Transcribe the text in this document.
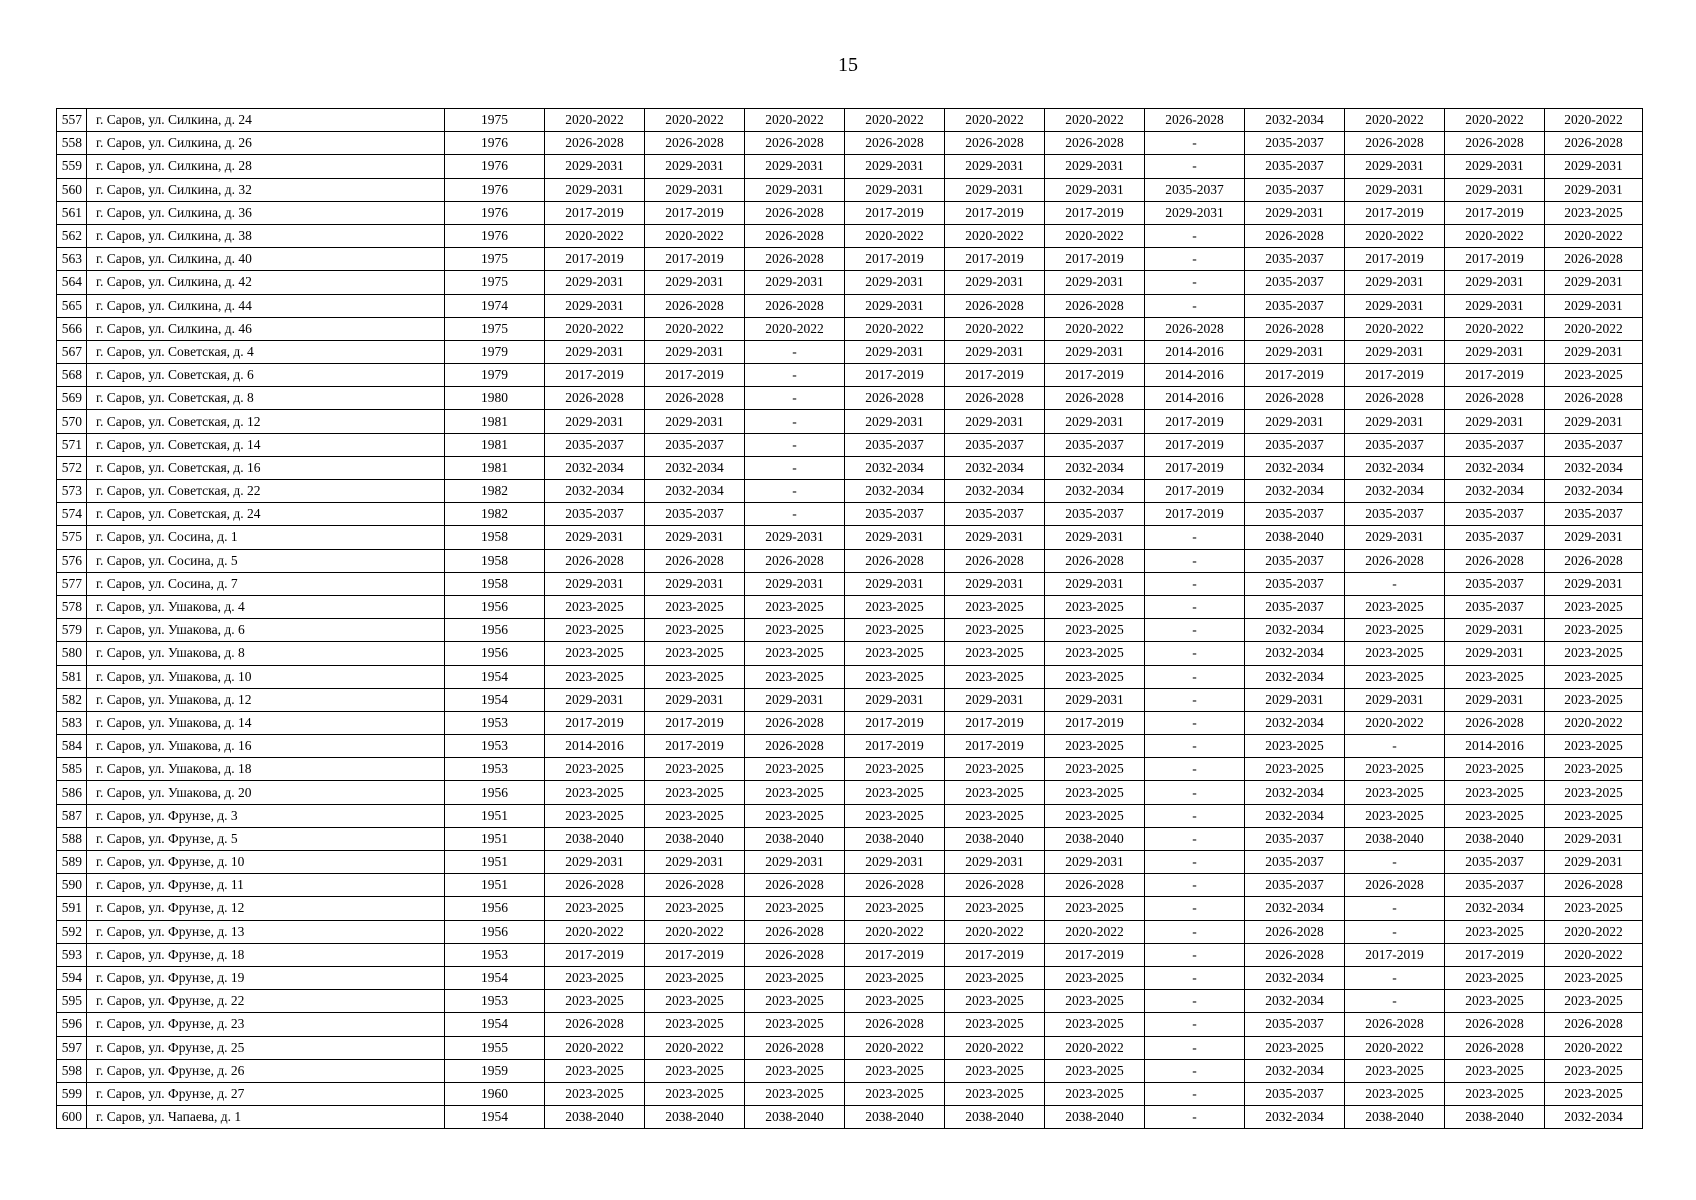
15
557	г. Саров, ул. Силкина, д. 24	1975	2020-2022	2020-2022	2020-2022	2020-2022	2020-2022	2020-2022	2026-2028	2032-2034	2020-2022	2020-2022	2020-2022
558	г. Саров, ул. Силкина, д. 26	1976	2026-2028	2026-2028	2026-2028	2026-2028	2026-2028	2026-2028	-	2035-2037	2026-2028	2026-2028	2026-2028
559	г. Саров, ул. Силкина, д. 28	1976	2029-2031	2029-2031	2029-2031	2029-2031	2029-2031	2029-2031	-	2035-2037	2029-2031	2029-2031	2029-2031
560	г. Саров, ул. Силкина, д. 32	1976	2029-2031	2029-2031	2029-2031	2029-2031	2029-2031	2029-2031	2035-2037	2035-2037	2029-2031	2029-2031	2029-2031
561	г. Саров, ул. Силкина, д. 36	1976	2017-2019	2017-2019	2026-2028	2017-2019	2017-2019	2017-2019	2029-2031	2029-2031	2017-2019	2017-2019	2023-2025
562	г. Саров, ул. Силкина, д. 38	1976	2020-2022	2020-2022	2026-2028	2020-2022	2020-2022	2020-2022	-	2026-2028	2020-2022	2020-2022	2020-2022
563	г. Саров, ул. Силкина, д. 40	1975	2017-2019	2017-2019	2026-2028	2017-2019	2017-2019	2017-2019	-	2035-2037	2017-2019	2017-2019	2026-2028
564	г. Саров, ул. Силкина, д. 42	1975	2029-2031	2029-2031	2029-2031	2029-2031	2029-2031	2029-2031	-	2035-2037	2029-2031	2029-2031	2029-2031
565	г. Саров, ул. Силкина, д. 44	1974	2029-2031	2026-2028	2026-2028	2029-2031	2026-2028	2026-2028	-	2035-2037	2029-2031	2029-2031	2029-2031
566	г. Саров, ул. Силкина, д. 46	1975	2020-2022	2020-2022	2020-2022	2020-2022	2020-2022	2020-2022	2026-2028	2026-2028	2020-2022	2020-2022	2020-2022
567	г. Саров, ул. Советская, д. 4	1979	2029-2031	2029-2031	-	2029-2031	2029-2031	2029-2031	2014-2016	2029-2031	2029-2031	2029-2031	2029-2031
568	г. Саров, ул. Советская, д. 6	1979	2017-2019	2017-2019	-	2017-2019	2017-2019	2017-2019	2014-2016	2017-2019	2017-2019	2017-2019	2023-2025
569	г. Саров, ул. Советская, д. 8	1980	2026-2028	2026-2028	-	2026-2028	2026-2028	2026-2028	2014-2016	2026-2028	2026-2028	2026-2028	2026-2028
570	г. Саров, ул. Советская, д. 12	1981	2029-2031	2029-2031	-	2029-2031	2029-2031	2029-2031	2017-2019	2029-2031	2029-2031	2029-2031	2029-2031
571	г. Саров, ул. Советская, д. 14	1981	2035-2037	2035-2037	-	2035-2037	2035-2037	2035-2037	2017-2019	2035-2037	2035-2037	2035-2037	2035-2037
572	г. Саров, ул. Советская, д. 16	1981	2032-2034	2032-2034	-	2032-2034	2032-2034	2032-2034	2017-2019	2032-2034	2032-2034	2032-2034	2032-2034
573	г. Саров, ул. Советская, д. 22	1982	2032-2034	2032-2034	-	2032-2034	2032-2034	2032-2034	2017-2019	2032-2034	2032-2034	2032-2034	2032-2034
574	г. Саров, ул. Советская, д. 24	1982	2035-2037	2035-2037	-	2035-2037	2035-2037	2035-2037	2017-2019	2035-2037	2035-2037	2035-2037	2035-2037
575	г. Саров, ул. Сосина, д. 1	1958	2029-2031	2029-2031	2029-2031	2029-2031	2029-2031	2029-2031	-	2038-2040	2029-2031	2035-2037	2029-2031
576	г. Саров, ул. Сосина, д. 5	1958	2026-2028	2026-2028	2026-2028	2026-2028	2026-2028	2026-2028	-	2035-2037	2026-2028	2026-2028	2026-2028
577	г. Саров, ул. Сосина, д. 7	1958	2029-2031	2029-2031	2029-2031	2029-2031	2029-2031	2029-2031	-	2035-2037	-	2035-2037	2029-2031
578	г. Саров, ул. Ушакова, д. 4	1956	2023-2025	2023-2025	2023-2025	2023-2025	2023-2025	2023-2025	-	2035-2037	2023-2025	2035-2037	2023-2025
579	г. Саров, ул. Ушакова, д. 6	1956	2023-2025	2023-2025	2023-2025	2023-2025	2023-2025	2023-2025	-	2032-2034	2023-2025	2029-2031	2023-2025
580	г. Саров, ул. Ушакова, д. 8	1956	2023-2025	2023-2025	2023-2025	2023-2025	2023-2025	2023-2025	-	2032-2034	2023-2025	2029-2031	2023-2025
581	г. Саров, ул. Ушакова, д. 10	1954	2023-2025	2023-2025	2023-2025	2023-2025	2023-2025	2023-2025	-	2032-2034	2023-2025	2023-2025	2023-2025
582	г. Саров, ул. Ушакова, д. 12	1954	2029-2031	2029-2031	2029-2031	2029-2031	2029-2031	2029-2031	-	2029-2031	2029-2031	2029-2031	2023-2025
583	г. Саров, ул. Ушакова, д. 14	1953	2017-2019	2017-2019	2026-2028	2017-2019	2017-2019	2017-2019	-	2032-2034	2020-2022	2026-2028	2020-2022
584	г. Саров, ул. Ушакова, д. 16	1953	2014-2016	2017-2019	2026-2028	2017-2019	2017-2019	2023-2025	-	2023-2025	-	2014-2016	2023-2025
585	г. Саров, ул. Ушакова, д. 18	1953	2023-2025	2023-2025	2023-2025	2023-2025	2023-2025	2023-2025	-	2023-2025	2023-2025	2023-2025	2023-2025
586	г. Саров, ул. Ушакова, д. 20	1956	2023-2025	2023-2025	2023-2025	2023-2025	2023-2025	2023-2025	-	2032-2034	2023-2025	2023-2025	2023-2025
587	г. Саров, ул. Фрунзе, д. 3	1951	2023-2025	2023-2025	2023-2025	2023-2025	2023-2025	2023-2025	-	2032-2034	2023-2025	2023-2025	2023-2025
588	г. Саров, ул. Фрунзе, д. 5	1951	2038-2040	2038-2040	2038-2040	2038-2040	2038-2040	2038-2040	-	2035-2037	2038-2040	2038-2040	2029-2031
589	г. Саров, ул. Фрунзе, д. 10	1951	2029-2031	2029-2031	2029-2031	2029-2031	2029-2031	2029-2031	-	2035-2037	-	2035-2037	2029-2031
590	г. Саров, ул. Фрунзе, д. 11	1951	2026-2028	2026-2028	2026-2028	2026-2028	2026-2028	2026-2028	-	2035-2037	2026-2028	2035-2037	2026-2028
591	г. Саров, ул. Фрунзе, д. 12	1956	2023-2025	2023-2025	2023-2025	2023-2025	2023-2025	2023-2025	-	2032-2034	-	2032-2034	2023-2025
592	г. Саров, ул. Фрунзе, д. 13	1956	2020-2022	2020-2022	2026-2028	2020-2022	2020-2022	2020-2022	-	2026-2028	-	2023-2025	2020-2022
593	г. Саров, ул. Фрунзе, д. 18	1953	2017-2019	2017-2019	2026-2028	2017-2019	2017-2019	2017-2019	-	2026-2028	2017-2019	2017-2019	2020-2022
594	г. Саров, ул. Фрунзе, д. 19	1954	2023-2025	2023-2025	2023-2025	2023-2025	2023-2025	2023-2025	-	2032-2034	-	2023-2025	2023-2025
595	г. Саров, ул. Фрунзе, д. 22	1953	2023-2025	2023-2025	2023-2025	2023-2025	2023-2025	2023-2025	-	2032-2034	-	2023-2025	2023-2025
596	г. Саров, ул. Фрунзе, д. 23	1954	2026-2028	2023-2025	2023-2025	2026-2028	2023-2025	2023-2025	-	2035-2037	2026-2028	2026-2028	2026-2028
597	г. Саров, ул. Фрунзе, д. 25	1955	2020-2022	2020-2022	2026-2028	2020-2022	2020-2022	2020-2022	-	2023-2025	2020-2022	2026-2028	2020-2022
598	г. Саров, ул. Фрунзе, д. 26	1959	2023-2025	2023-2025	2023-2025	2023-2025	2023-2025	2023-2025	-	2032-2034	2023-2025	2023-2025	2023-2025
599	г. Саров, ул. Фрунзе, д. 27	1960	2023-2025	2023-2025	2023-2025	2023-2025	2023-2025	2023-2025	-	2035-2037	2023-2025	2023-2025	2023-2025
600	г. Саров, ул. Чапаева, д. 1	1954	2038-2040	2038-2040	2038-2040	2038-2040	2038-2040	2038-2040	-	2032-2034	2038-2040	2038-2040	2032-2034
